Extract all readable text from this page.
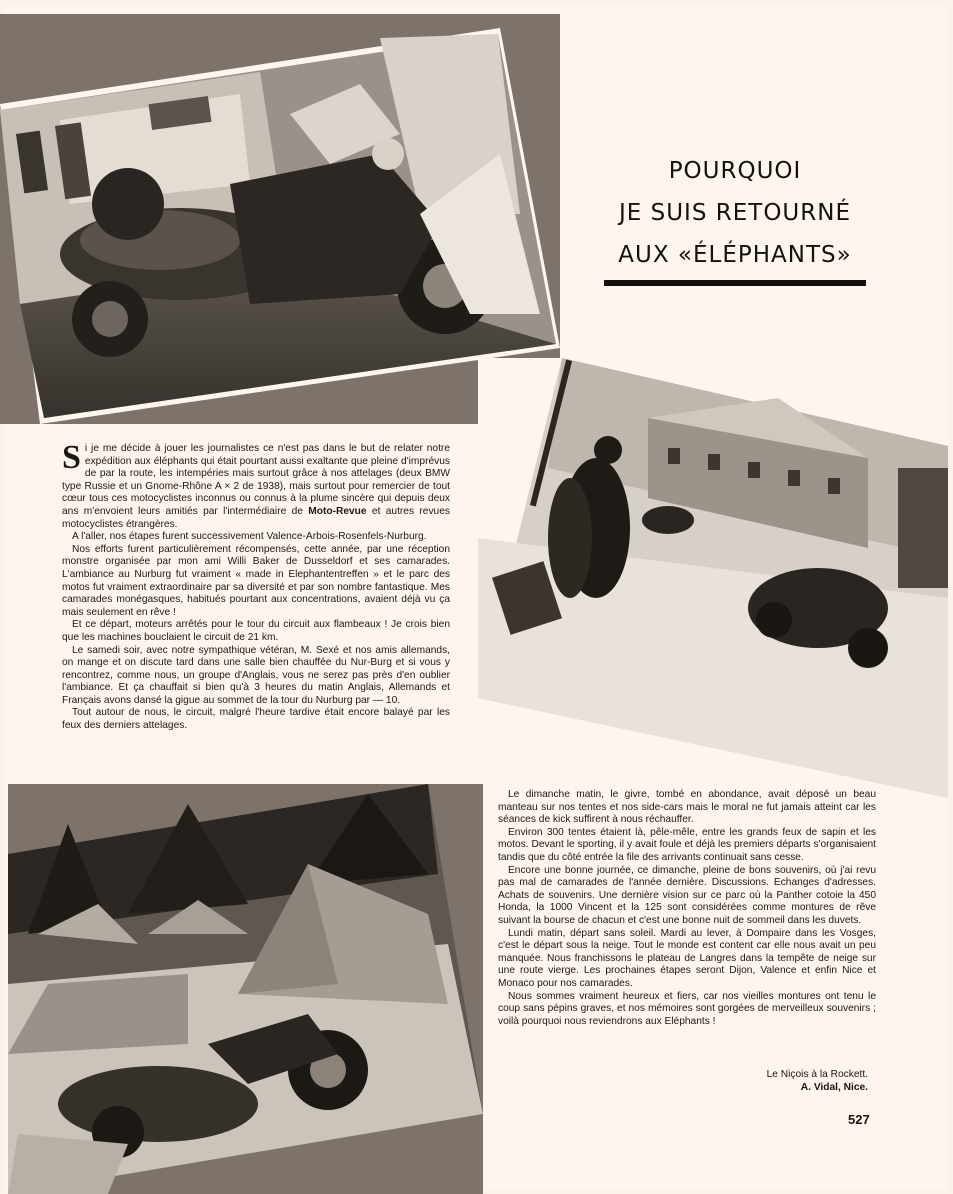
POURQUOI
JE SUIS RETOURNÉ
AUX «ÉLÉPHANTS»

Si je me décide à jouer les journalistes ce n'est pas dans le but de relater notre expédition aux éléphants qui était pourtant aussi exaltante que pleine d'imprévus de par la route, les intempéries mais surtout grâce à nos attelages (deux BMW type Russie et un Gnome-Rhône A × 2 de 1938), mais surtout pour remercier de tout cœur tous ces motocyclistes inconnus ou connus à la plume sincère qui depuis deux ans m'envoient leurs amitiés par l'intermédiaire de Moto-Revue et autres revues motocyclistes étrangères.

A l'aller, nos étapes furent successivement Valence-Arbois-Rosenfels-Nurburg.

Nos efforts furent particulièrement récompensés, cette année, par une réception monstre organisée par mon ami Willi Baker de Dusseldorf et ses camarades. L'ambiance au Nurburg fut vraiment « made in Elephantentreffen » et le parc des motos fut vraiment extraordinaire par sa diversité et par son nombre fantastique. Mes camarades monégasques, habitués pourtant aux concentrations, avaient déjà vu ça mais seulement en rêve !

Et ce départ, moteurs arrêtés pour le tour du circuit aux flambeaux ! Je crois bien que les machines bouclaient le circuit de 21 km.

Le samedi soir, avec notre sympathique vétéran, M. Sexé et nos amis allemands, on mange et on discute tard dans une salle bien chauffée du Nur-Burg et si vous y rencontrez, comme nous, un groupe d'Anglais, vous ne serez pas près d'en oublier l'ambiance. Et ça chauffait si bien qu'à 3 heures du matin Anglais, Allemands et Français avons dansé la gigue au sommet de la tour du Nurburg par — 10.

Tout autour de nous, le circuit, malgré l'heure tardive était encore balayé par les feux des derniers attelages.

Le dimanche matin, le givre, tombé en abondance, avait déposé un beau manteau sur nos tentes et nos side-cars mais le moral ne fut jamais atteint car les séances de kick suffirent à nous réchauffer.

Environ 300 tentes étaient là, pêle-mêle, entre les grands feux de sapin et les motos. Devant le sporting, il y avait foule et déjà les premiers départs s'organisaient tandis que du côté entrée la file des arrivants continuait sans cesse.

Encore une bonne journée, ce dimanche, pleine de bons souvenirs, où j'ai revu pas mal de camarades de l'année dernière. Discussions. Echanges d'adresses. Achats de souvenirs. Une dernière vision sur ce parc où la Panther cotoie la 450 Honda, la 1000 Vincent et la 125 sont considérées comme montures de rêve suivant la bourse de chacun et c'est une bonne nuit de sommeil dans les duvets.

Lundi matin, départ sans soleil. Mardi au lever, à Dompaire dans les Vosges, c'est le départ sous la neige. Tout le monde est content car elle nous avait un peu manquée. Nous franchissons le plateau de Langres dans la tempête de neige sur une route vierge. Les prochaines étapes seront Dijon, Valence et enfin Nice et Monaco pour nos camarades.

Nous sommes vraiment heureux et fiers, car nos vieilles montures ont tenu le coup sans pépins graves, et nos mémoires sont gorgées de merveilleux souvenirs ; voilà pourquoi nous reviendrons aux Eléphants !

Le Niçois à la Rockett.
A. Vidal, Nice.
527
